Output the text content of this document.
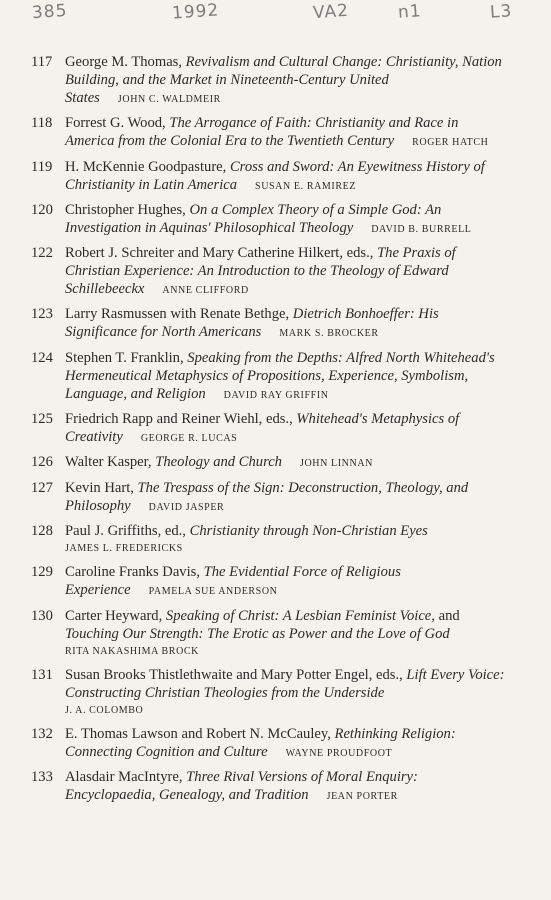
385	1992	VA2	n1	L3
117 George M. Thomas, Revivalism and Cultural Change: Christianity, Nation Building, and the Market in Nineteenth-Century United States JOHN C. WALDMEIR
118 Forrest G. Wood, The Arrogance of Faith: Christianity and Race in America from the Colonial Era to the Twentieth Century ROGER HATCH
119 H. McKennie Goodpasture, Cross and Sword: An Eyewitness History of Christianity in Latin America SUSAN E. RAMIREZ
120 Christopher Hughes, On a Complex Theory of a Simple God: An Investigation in Aquinas' Philosophical Theology DAVID B. BURRELL
122 Robert J. Schreiter and Mary Catherine Hilkert, eds., The Praxis of Christian Experience: An Introduction to the Theology of Edward Schillebeeckx ANNE CLIFFORD
123 Larry Rasmussen with Renate Bethge, Dietrich Bonhoeffer: His Significance for North Americans MARK S. BROCKER
124 Stephen T. Franklin, Speaking from the Depths: Alfred North Whitehead's Hermeneutical Metaphysics of Propositions, Experience, Symbolism, Language, and Religion DAVID RAY GRIFFIN
125 Friedrich Rapp and Reiner Wiehl, eds., Whitehead's Metaphysics of Creativity GEORGE R. LUCAS
126 Walter Kasper, Theology and Church JOHN LINNAN
127 Kevin Hart, The Trespass of the Sign: Deconstruction, Theology, and Philosophy DAVID JASPER
128 Paul J. Griffiths, ed., Christianity through Non-Christian Eyes
JAMES L. FREDERICKS
129 Caroline Franks Davis, The Evidential Force of Religious Experience PAMELA SUE ANDERSON
130 Carter Heyward, Speaking of Christ: A Lesbian Feminist Voice, and Touching Our Strength: The Erotic as Power and the Love of God
RITA NAKASHIMA BROCK
131 Susan Brooks Thistlethwaite and Mary Potter Engel, eds., Lift Every Voice: Constructing Christian Theologies from the Underside
J. A. COLOMBO
132 E. Thomas Lawson and Robert N. McCauley, Rethinking Religion: Connecting Cognition and Culture WAYNE PROUDFOOT
133 Alasdair MacIntyre, Three Rival Versions of Moral Enquiry: Encyclopaedia, Genealogy, and Tradition JEAN PORTER
